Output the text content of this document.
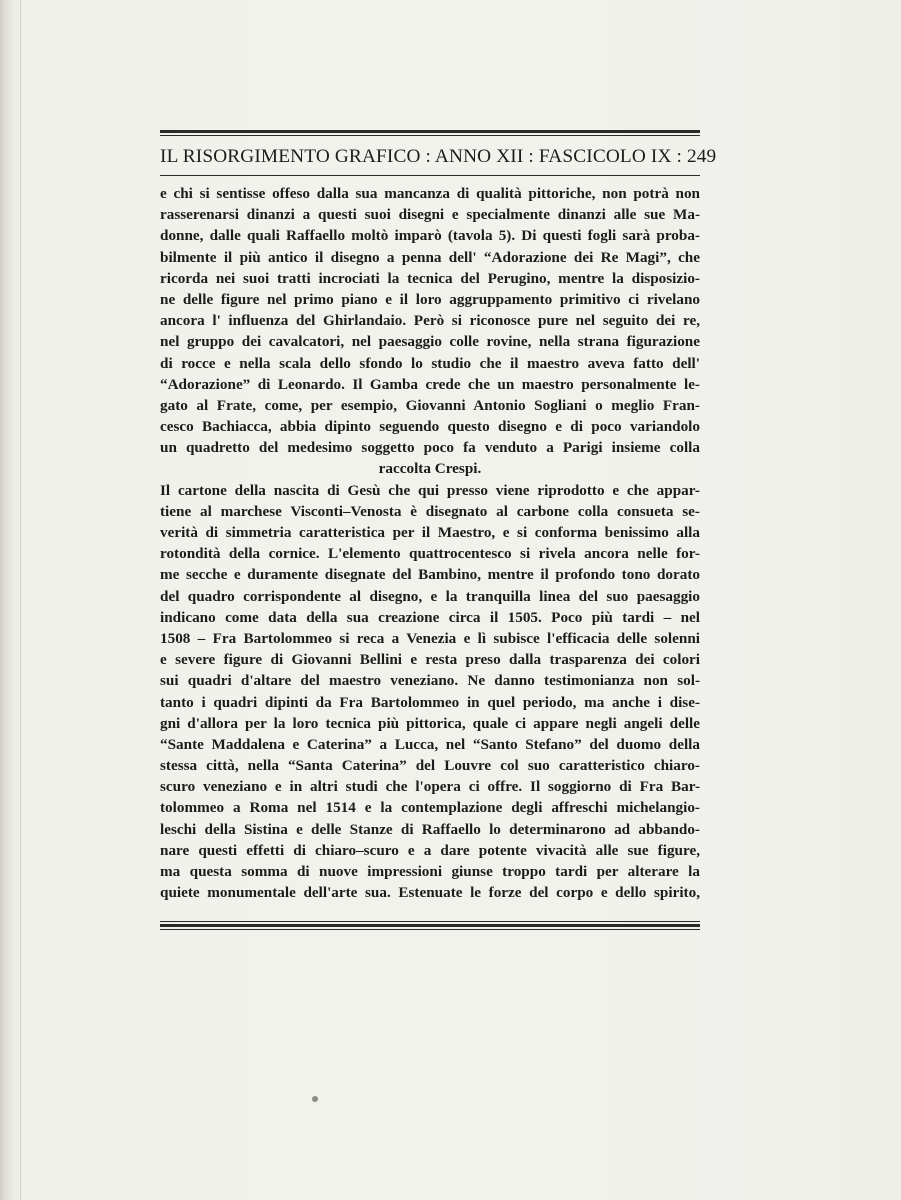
IL RISORGIMENTO GRAFICO : ANNO XII : FASCICOLO IX : 249
e chi si sentisse offeso dalla sua mancanza di qualità pittoriche, non potrà non
rasserenarsi dinanzi a questi suoi disegni e specialmente dinanzi alle sue Ma-
donne, dalle quali Raffaello moltò imparò (tavola 5). Di questi fogli sarà proba-
bilmente il più antico il disegno a penna dell' “Adorazione dei Re Magi”, che
ricorda nei suoi tratti incrociati la tecnica del Perugino, mentre la disposizio-
ne delle figure nel primo piano e il loro aggruppamento primitivo ci rivelano
ancora l' influenza del Ghirlandaio. Però si riconosce pure nel seguito dei re,
nel gruppo dei cavalcatori, nel paesaggio colle rovine, nella strana figurazione
di rocce e nella scala dello sfondo lo studio che il maestro aveva fatto dell'
“Adorazione” di Leonardo. Il Gamba crede che un maestro personalmente le-
gato al Frate, come, per esempio, Giovanni Antonio Sogliani o meglio Fran-
cesco Bachiacca, abbia dipinto seguendo questo disegno e di poco variandolo
un quadretto del medesimo soggetto poco fa venduto a Parigi insieme colla
raccolta Crespi.
Il cartone della nascita di Gesù che qui presso viene riprodotto e che appar-
tiene al marchese Visconti–Venosta è disegnato al carbone colla consueta se-
verità di simmetria caratteristica per il Maestro, e si conforma benissimo alla
rotondità della cornice. L'elemento quattrocentesco si rivela ancora nelle for-
me secche e duramente disegnate del Bambino, mentre il profondo tono dorato
del quadro corrispondente al disegno, e la tranquilla linea del suo paesaggio
indicano come data della sua creazione circa il 1505. Poco più tardi – nel
1508 – Fra Bartolommeo si reca a Venezia e lì subisce l'efficacia delle solenni
e severe figure di Giovanni Bellini e resta preso dalla trasparenza dei colori
sui quadri d'altare del maestro veneziano. Ne danno testimonianza non sol-
tanto i quadri dipinti da Fra Bartolommeo in quel periodo, ma anche i dise-
gni d'allora per la loro tecnica più pittorica, quale ci appare negli angeli delle
“Sante Maddalena e Caterina” a Lucca, nel “Santo Stefano” del duomo della
stessa città, nella “Santa Caterina” del Louvre col suo caratteristico chiaro-
scuro veneziano e in altri studi che l'opera ci offre. Il soggiorno di Fra Bar-
tolommeo a Roma nel 1514 e la contemplazione degli affreschi michelangio-
leschi della Sistina e delle Stanze di Raffaello lo determinarono ad abbando-
nare questi effetti di chiaro–scuro e a dare potente vivacità alle sue figure,
ma questa somma di nuove impressioni giunse troppo tardi per alterare la
quiete monumentale dell'arte sua. Estenuate le forze del corpo e dello spirito,
